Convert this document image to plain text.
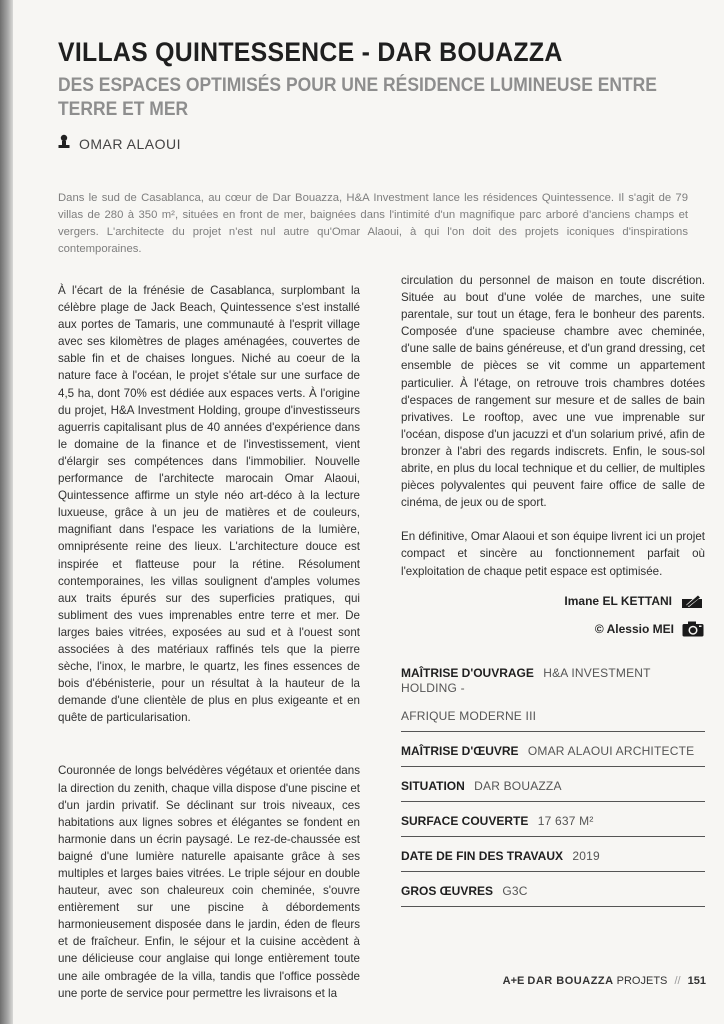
VILLAS QUINTESSENCE - DAR BOUAZZA
DES ESPACES OPTIMISÉS POUR UNE RÉSIDENCE LUMINEUSE ENTRE TERRE ET MER
OMAR ALAOUI

Dans le sud de Casablanca, au cœur de Dar Bouazza, H&A Investment lance les résidences Quintessence. Il s'agit de 79 villas de 280 à 350 m², situées en front de mer, baignées dans l'intimité d'un magnifique parc arboré d'anciens champs et vergers. L'architecte du projet n'est nul autre qu'Omar Alaoui, à qui l'on doit des projets iconiques d'inspirations contemporaines.

À l'écart de la frénésie de Casablanca, surplombant la célèbre plage de Jack Beach, Quintessence s'est installé aux portes de Tamaris, une communauté à l'esprit village avec ses kilomètres de plages aménagées, couvertes de sable fin et de chaises longues. Niché au coeur de la nature face à l'océan, le projet s'étale sur une surface de 4,5 ha, dont 70% est dédiée aux espaces verts. À l'origine du projet, H&A Investment Holding, groupe d'investisseurs aguerris capitalisant plus de 40 années d'expérience dans le domaine de la finance et de l'investissement, vient d'élargir ses compétences dans l'immobilier. Nouvelle performance de l'architecte marocain Omar Alaoui, Quintessence affirme un style néo art-déco à la lecture luxueuse, grâce à un jeu de matières et de couleurs, magnifiant dans l'espace les variations de la lumière, omniprésente reine des lieux. L'architecture douce est inspirée et flatteuse pour la rétine. Résolument contemporaines, les villas soulignent d'amples volumes aux traits épurés sur des superficies pratiques, qui subliment des vues imprenables entre terre et mer. De larges baies vitrées, exposées au sud et à l'ouest sont associées à des matériaux raffinés tels que la pierre sèche, l'inox, le marbre, le quartz, les fines essences de bois d'ébénisterie, pour un résultat à la hauteur de la demande d'une clientèle de plus en plus exigeante et en quête de particularisation.

Couronnée de longs belvédères végétaux et orientée dans la direction du zenith, chaque villa dispose d'une piscine et d'un jardin privatif. Se déclinant sur trois niveaux, ces habitations aux lignes sobres et élégantes se fondent en harmonie dans un écrin paysagé. Le rez-de-chaussée est baigné d'une lumière naturelle apaisante grâce à ses multiples et larges baies vitrées. Le triple séjour en double hauteur, avec son chaleureux coin cheminée, s'ouvre entièrement sur une piscine à débordements harmonieusement disposée dans le jardin, éden de fleurs et de fraîcheur. Enfin, le séjour et la cuisine accèdent à une délicieuse cour anglaise qui longe entièrement toute une aile ombragée de la villa, tandis que l'office possède une porte de service pour permettre les livraisons et la

circulation du personnel de maison en toute discrétion. Située au bout d'une volée de marches, une suite parentale, sur tout un étage, fera le bonheur des parents. Composée d'une spacieuse chambre avec cheminée, d'une salle de bains généreuse, et d'un grand dressing, cet ensemble de pièces se vit comme un appartement particulier. À l'étage, on retrouve trois chambres dotées d'espaces de rangement sur mesure et de salles de bain privatives. Le rooftop, avec une vue imprenable sur l'océan, dispose d'un jacuzzi et d'un solarium privé, afin de bronzer à l'abri des regards indiscrets. Enfin, le sous-sol abrite, en plus du local technique et du cellier, de multiples pièces polyvalentes qui peuvent faire office de salle de cinéma, de jeux ou de sport.

En définitive, Omar Alaoui et son équipe livrent ici un projet compact et sincère au fonctionnement parfait où l'exploitation de chaque petit espace est optimisée.

Imane EL KETTANI
© Alessio MEI
MAÎTRISE D'OUVRAGE H&A INVESTMENT HOLDING -
AFRIQUE MODERNE III
MAÎTRISE D'ŒUVRE OMAR ALAOUI ARCHITECTE
SITUATION DAR BOUAZZA
SURFACE COUVERTE 17 637 M²
DATE DE FIN DES TRAVAUX 2019
GROS ŒUVRES G3C
A+E DAR BOUAZZA PROJETS // 151
